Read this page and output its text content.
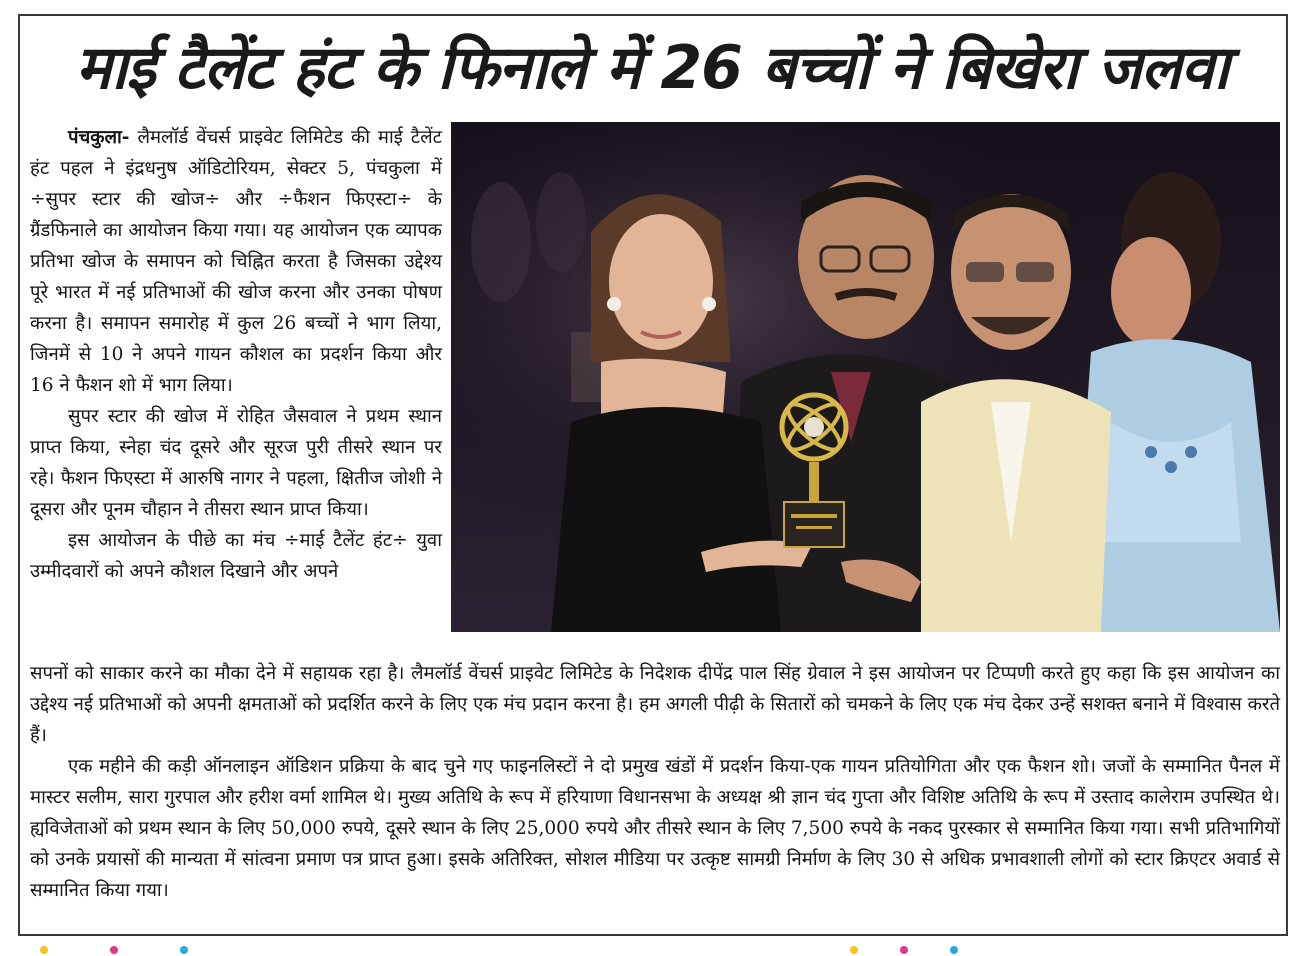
माई टैलेंट हंट के फिनाले में 26 बच्चों ने बिखेरा जलवा

पंचकुला- लैमलॉर्ड वेंचर्स प्राइवेट लिमिटेड की माई टैलेंट हंट पहल ने इंद्रधनुष ऑडिटोरियम, सेक्टर 5, पंचकुला में ÷सुपर स्टार की खोज÷ और ÷फैशन फिएस्टा÷ के ग्रैंडफिनाले का आयोजन किया गया। यह आयोजन एक व्यापक प्रतिभा खोज के समापन को चिह्नित करता है जिसका उद्देश्य पूरे भारत में नई प्रतिभाओं की खोज करना और उनका पोषण करना है। समापन समारोह में कुल 26 बच्चों ने भाग लिया, जिनमें से 10 ने अपने गायन कौशल का प्रदर्शन किया और 16 ने फैशन शो में भाग लिया।

सुपर स्टार की खोज में रोहित जैसवाल ने प्रथम स्थान प्राप्त किया, स्नेहा चंद दूसरे और सूरज पुरी तीसरे स्थान पर रहे। फैशन फिएस्टा में आरुषि नागर ने पहला, क्षितीज जोशी ने दूसरा और पूनम चौहान ने तीसरा स्थान प्राप्त किया।

इस आयोजन के पीछे का मंच ÷माई टैलेंट हंट÷ युवा उम्मीदवारों को अपने कौशल दिखाने और अपने

सपनों को साकार करने का मौका देने में सहायक रहा है। लैमलॉर्ड वेंचर्स प्राइवेट लिमिटेड के निदेशक दीपेंद्र पाल सिंह ग्रेवाल ने इस आयोजन पर टिप्पणी करते हुए कहा कि इस आयोजन का उद्देश्य नई प्रतिभाओं को अपनी क्षमताओं को प्रदर्शित करने के लिए एक मंच प्रदान करना है। हम अगली पीढ़ी के सितारों को चमकने के लिए एक मंच देकर उन्हें सशक्त बनाने में विश्वास करते हैं।

एक महीने की कड़ी ऑनलाइन ऑडिशन प्रक्रिया के बाद चुने गए फाइनलिस्टों ने दो प्रमुख खंडों में प्रदर्शन किया-एक गायन प्रतियोगिता और एक फैशन शो। जजों के सम्मानित पैनल में मास्टर सलीम, सारा गुरपाल और हरीश वर्मा शामिल थे। मुख्य अतिथि के रूप में हरियाणा विधानसभा के अध्यक्ष श्री ज्ञान चंद गुप्ता और विशिष्ट अतिथि के रूप में उस्ताद कालेराम उपस्थित थे। ह्यविजेताओं को प्रथम स्थान के लिए 50,000 रुपये, दूसरे स्थान के लिए 25,000 रुपये और तीसरे स्थान के लिए 7,500 रुपये के नकद पुरस्कार से सम्मानित किया गया। सभी प्रतिभागियों को उनके प्रयासों की मान्यता में सांत्वना प्रमाण पत्र प्राप्त हुआ। इसके अतिरिक्त, सोशल मीडिया पर उत्कृष्ट सामग्री निर्माण के लिए 30 से अधिक प्रभावशाली लोगों को स्टार क्रिएटर अवार्ड से सम्मानित किया गया।
